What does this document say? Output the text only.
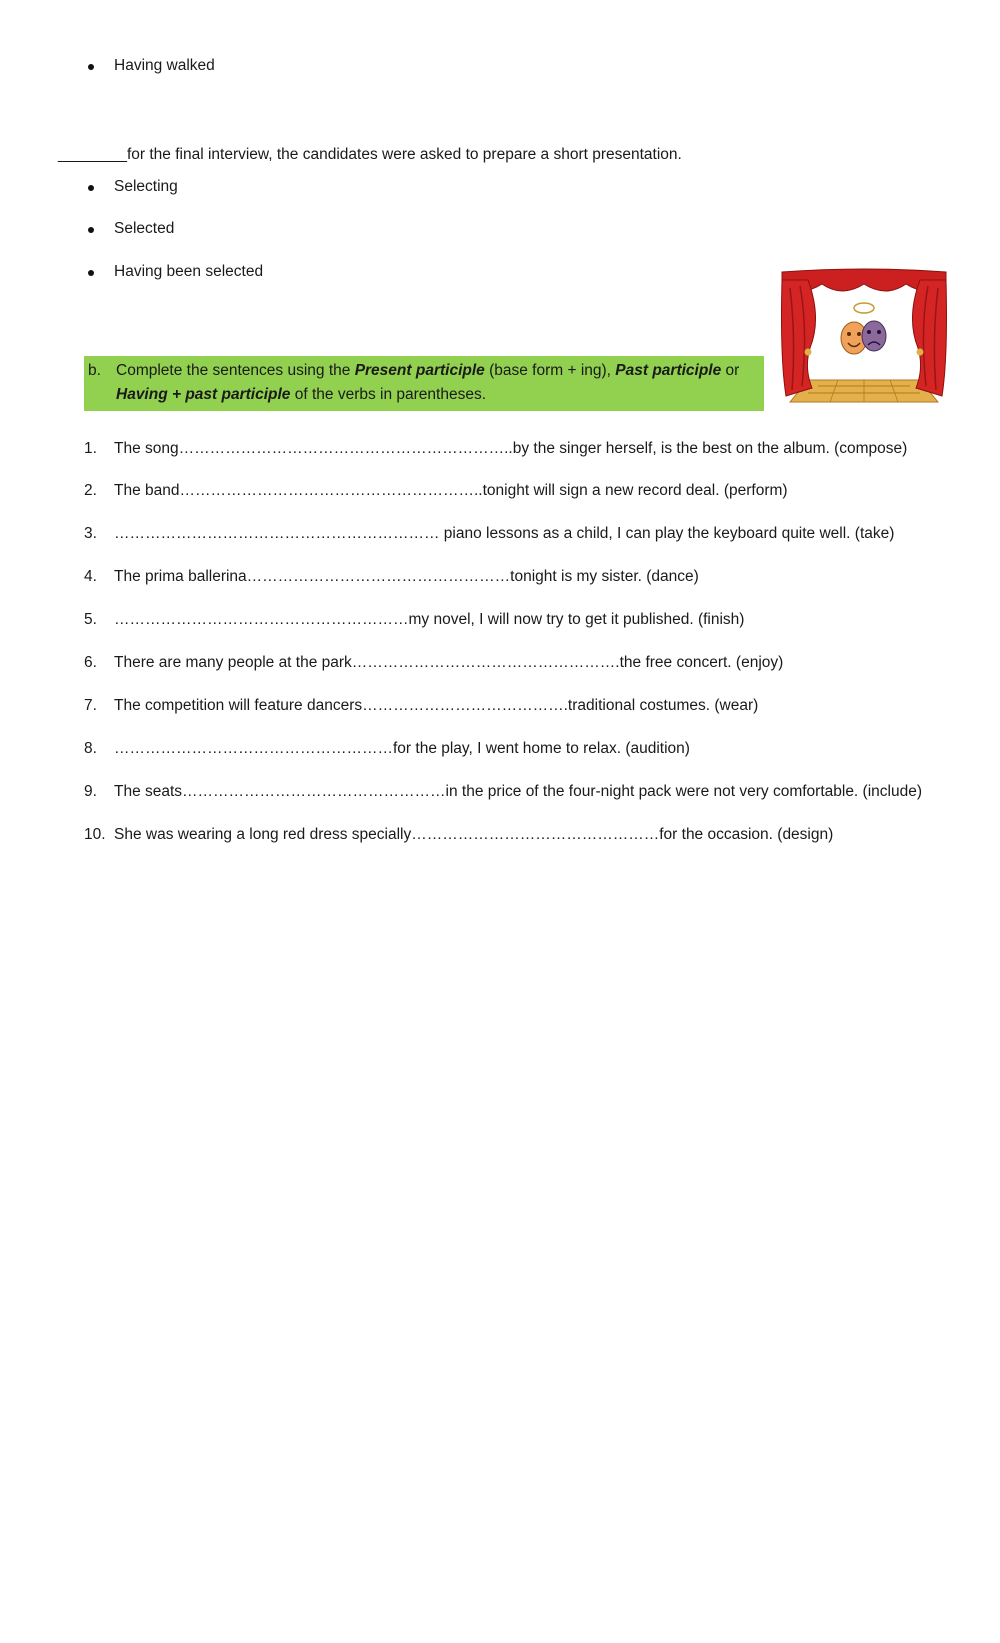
Having walked
________for the final interview, the candidates were asked to prepare a short presentation.
Selecting
Selected
Having been selected
b. Complete the sentences using the Present participle (base form + ing), Past participle or
Having + past participle of the verbs in parentheses.
1. The song………………………………………………………..by the singer herself, is the best on the album. (compose)
2. The band…………………………………………………..tonight will sign a new record deal. (perform)
3. ……………………………………………………… piano lessons as a child, I can play the keyboard quite well. (take)
4. The prima ballerina……………………………………………tonight is my sister. (dance)
5. …………………………………………………my novel, I will now try to get it published. (finish)
6. There are many people at the park…………………………………………….the free concert. (enjoy)
7. The competition will feature dancers………………………………….traditional costumes. (wear)
8. ………………………………………………for the play, I went home to relax. (audition)
9. The seats……………………………………………in the price of the four-night pack were not very comfortable. (include)
10. She was wearing a long red dress specially…………………………………………for the occasion. (design)
